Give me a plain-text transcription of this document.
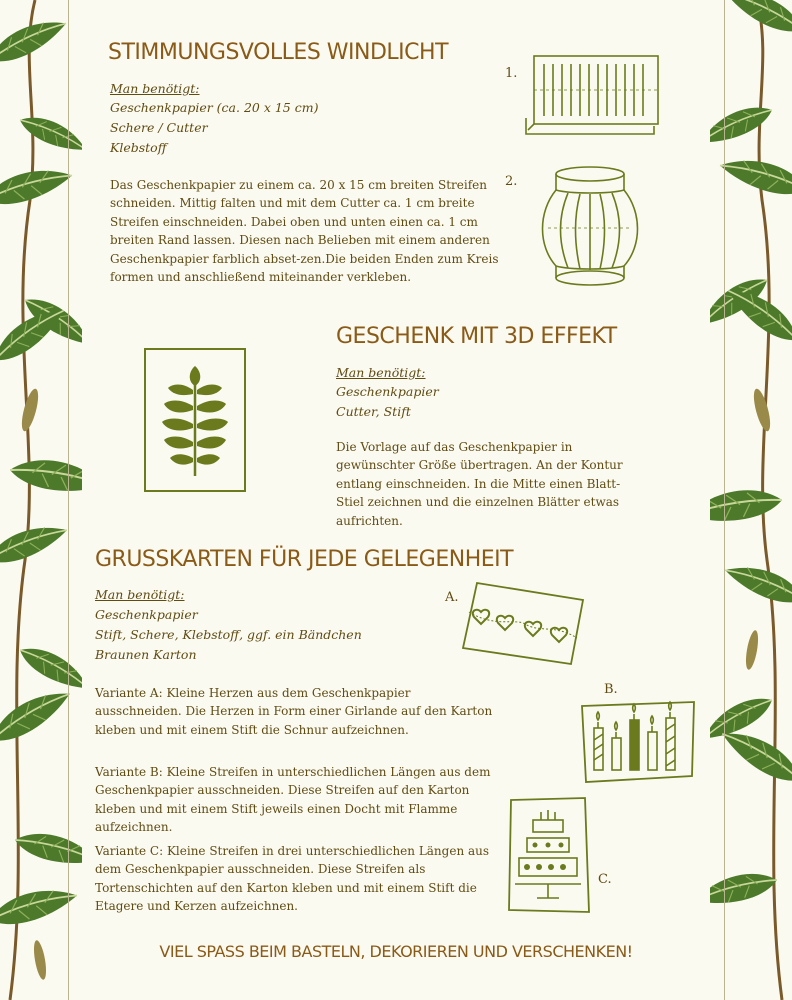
STIMMUNGSVOLLES WINDLICHT
Man benötigt:
Geschenkpapier (ca. 20 x 15 cm)
Schere / Cutter
Klebstoff

Das Geschenkpapier zu einem ca. 20 x 15 cm breiten Streifen schneiden. Mittig falten und mit dem Cutter ca. 1 cm breite Streifen einschneiden. Dabei oben und unten einen ca. 1 cm breiten Rand lassen. Diesen nach Belieben mit einem anderen Geschenkpapier farblich abset-zen.Die beiden Enden zum Kreis formen und anschließend miteinander verkleben.

1.
2.
GESCHENK MIT 3D EFFEKT
Man benötigt:
Geschenkpapier
Cutter, Stift

Die Vorlage auf das Geschenkpapier in gewünschter Größe übertragen. An der Kontur entlang einschneiden. In die Mitte einen Blatt-Stiel zeichnen und die einzelnen Blätter etwas aufrichten.

GRUSSKARTEN FÜR JEDE GELEGENHEIT
Man benötigt:
Geschenkpapier
Stift, Schere, Klebstoff, ggf. ein Bändchen
Braunen Karton

Variante A: Kleine Herzen aus dem Geschenkpapier ausschneiden. Die Herzen in Form einer Girlande auf den Karton kleben und mit einem Stift die Schnur aufzeichnen.

Variante B: Kleine Streifen in unterschiedlichen Längen aus dem Geschenkpapier ausschneiden. Diese Streifen auf den Karton kleben und mit einem Stift jeweils einen Docht mit Flamme aufzeichnen.

Variante C: Kleine Streifen in drei unterschiedlichen Längen aus dem Geschenkpapier ausschneiden. Diese Streifen als Tortenschichten auf den Karton kleben und mit einem Stift die Etagere und Kerzen aufzeichnen.

A.
B.
C.
VIEL SPASS BEIM BASTELN, DEKORIEREN UND VERSCHENKEN!
